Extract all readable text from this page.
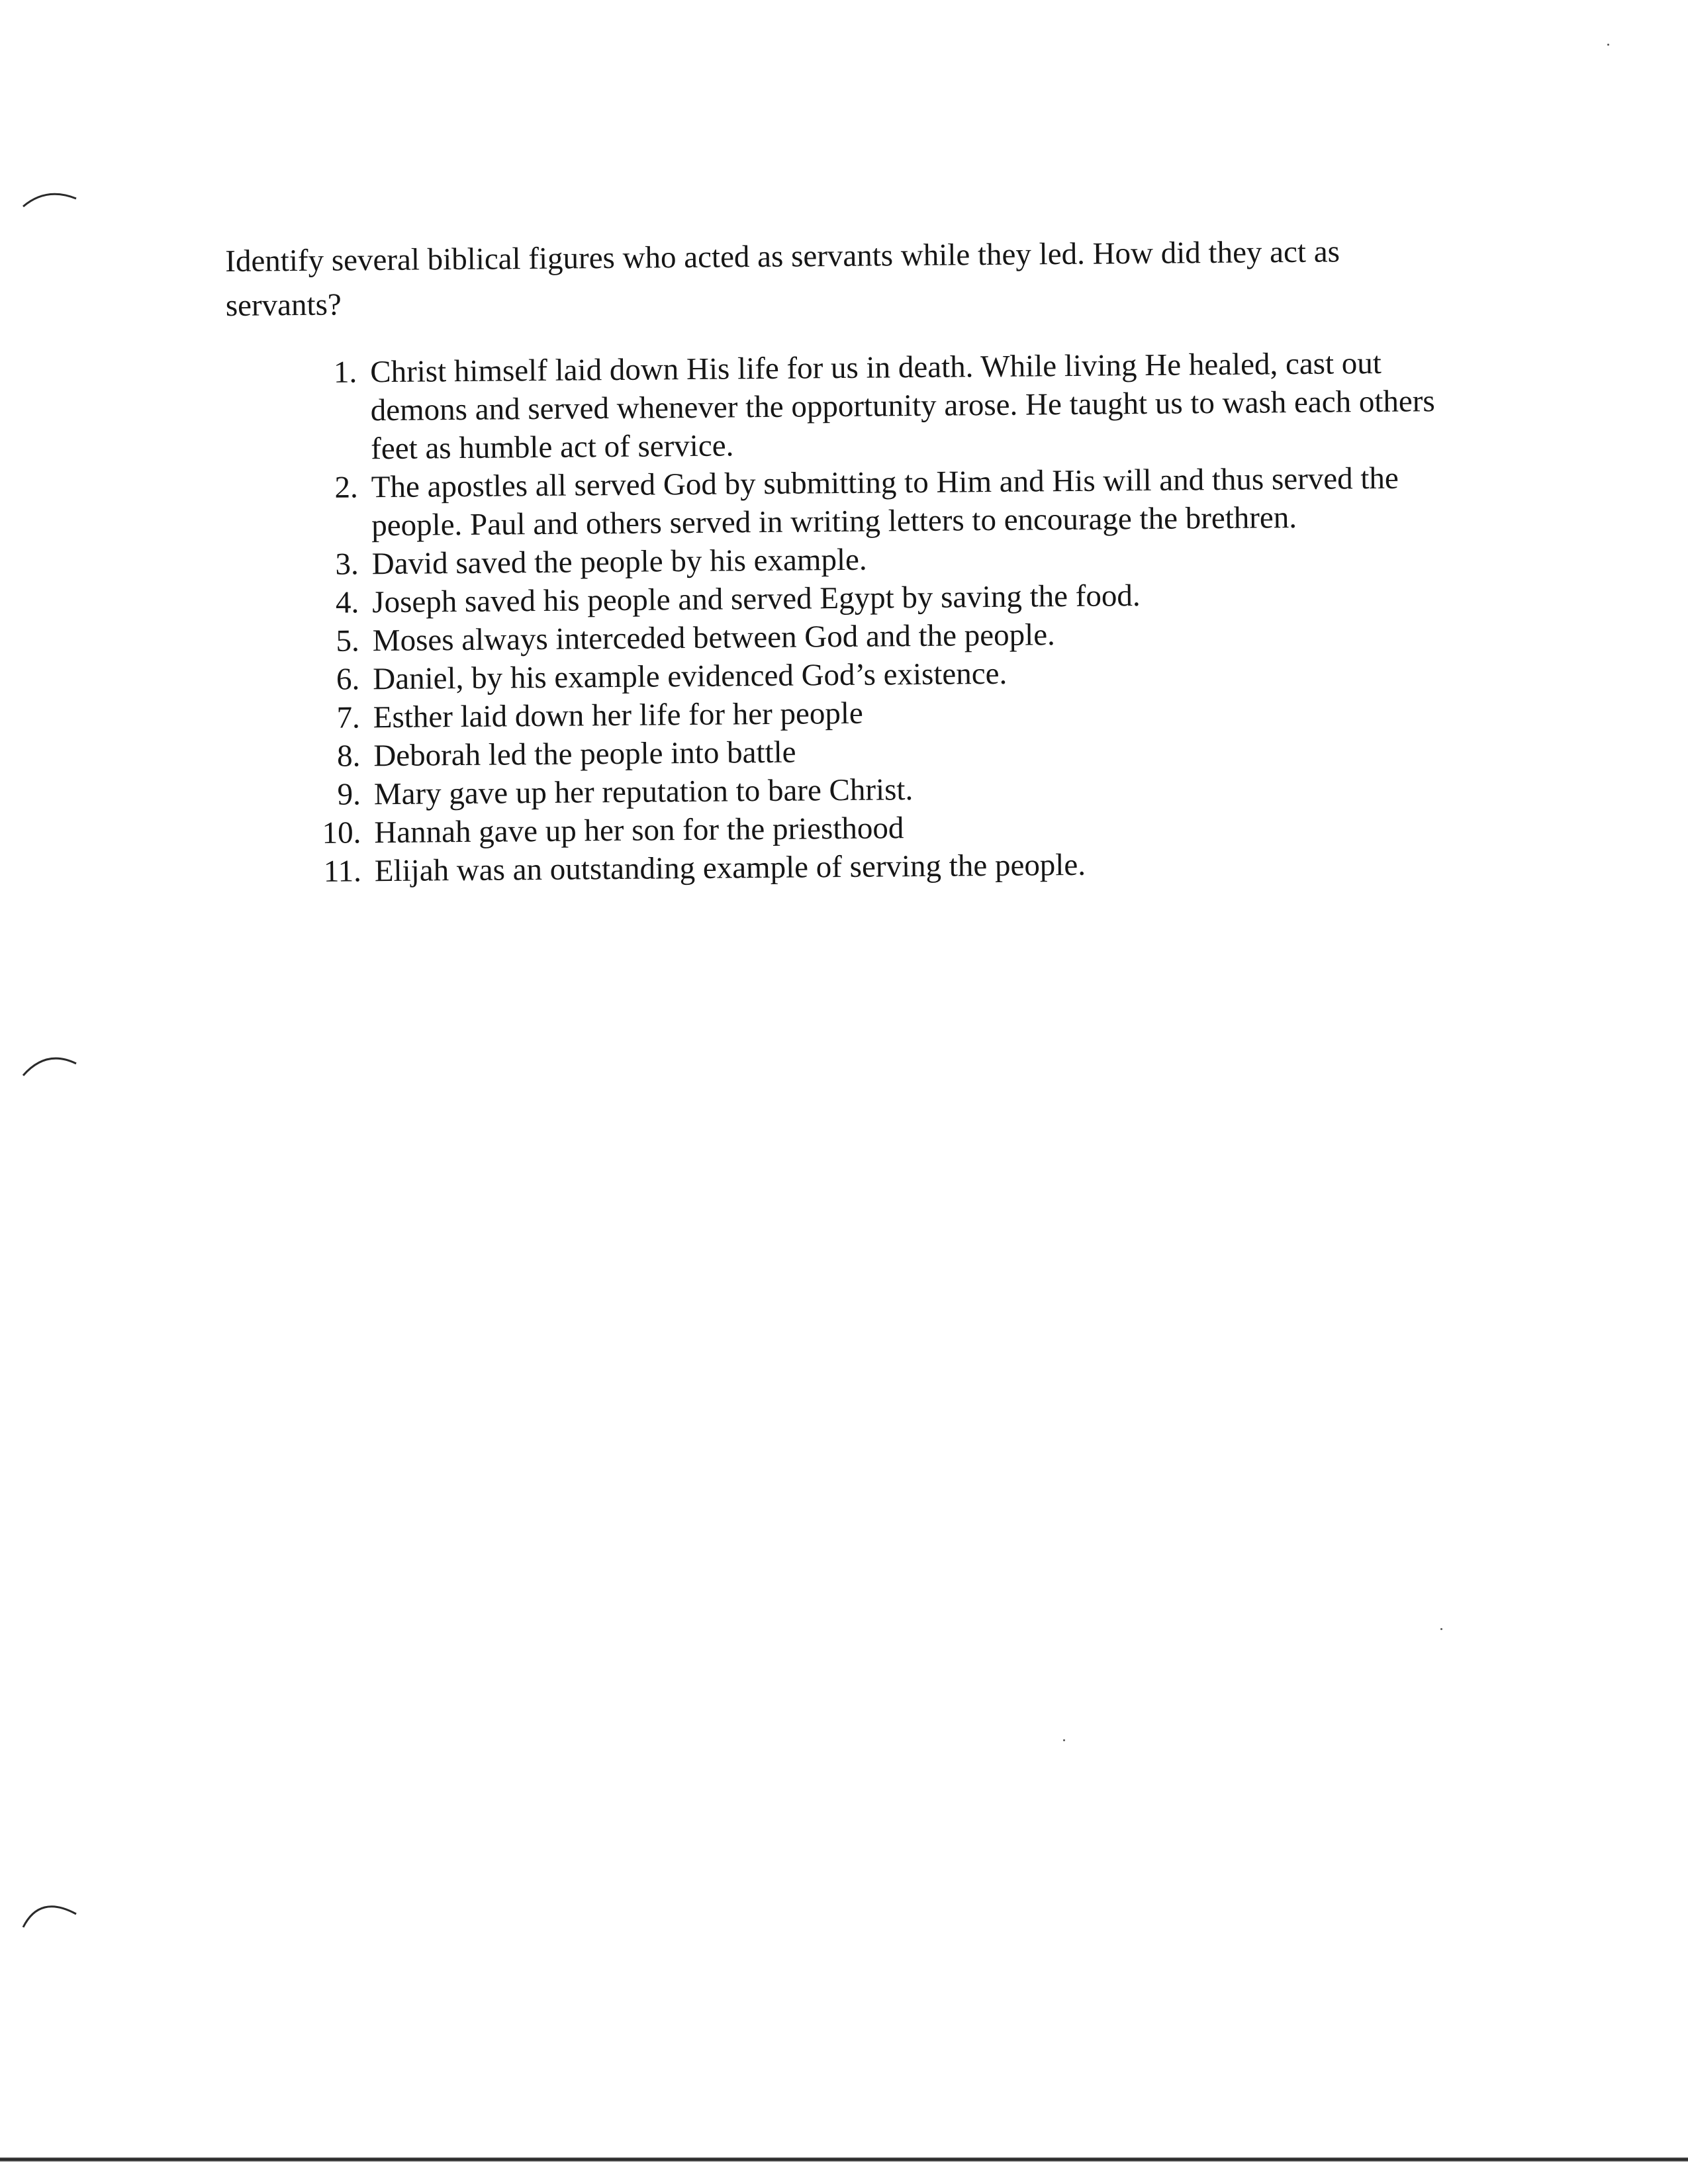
Identify several biblical figures who acted as servants while they led. How did they act as servants?

1. Christ himself laid down His life for us in death. While living He healed, cast out demons and served whenever the opportunity arose. He taught us to wash each others feet as humble act of service.
2. The apostles all served God by submitting to Him and His will and thus served the people. Paul and others served in writing letters to encourage the brethren.
3. David saved the people by his example.
4. Joseph saved his people and served Egypt by saving the food.
5. Moses always interceded between God and the people.
6. Daniel, by his example evidenced God’s existence.
7. Esther laid down her life for her people
8. Deborah led the people into battle
9. Mary gave up her reputation to bare Christ.
10. Hannah gave up her son for the priesthood
11. Elijah was an outstanding example of serving the people.
